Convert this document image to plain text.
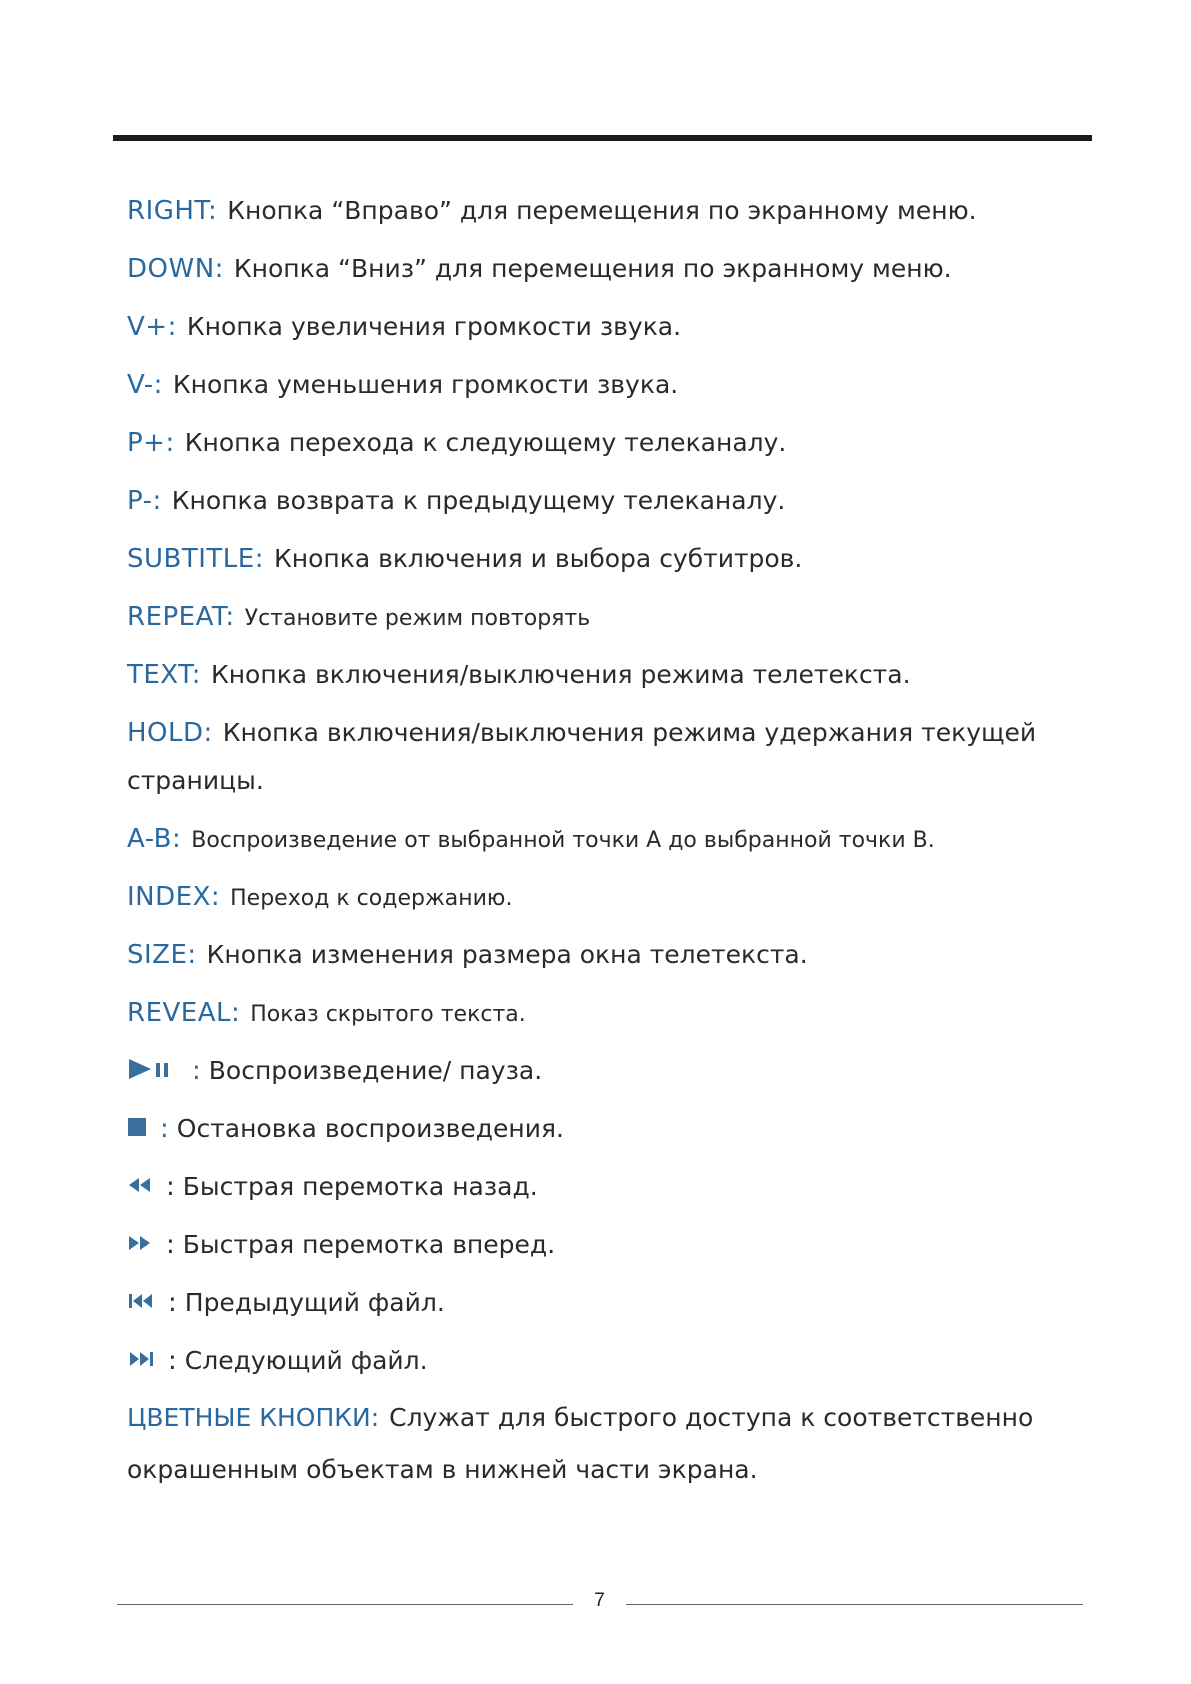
RIGHT: Кнопка “Вправо” для перемещения по экранному меню.
DOWN: Кнопка “Вниз” для перемещения по экранному меню.
V+: Кнопка увеличения громкости звука.
V-: Кнопка уменьшения громкости звука.
P+: Кнопка перехода к следующему телеканалу.
P-: Кнопка возврата к предыдущему телеканалу.
SUBTITLE: Кнопка включения и выбора субтитров.
REPEAT: Установите режим повторять
TEXT: Кнопка включения/выключения режима телетекста.
HOLD: Кнопка включения/выключения режима удержания текущей страницы.
A-B: Воспроизведение от выбранной точки А до выбранной точки В.
INDEX: Переход к содержанию.
SIZE: Кнопка изменения размера окна телетекста.
REVEAL: Показ скрытого текста.
: Воспроизведение/ пауза.
: Остановка воспроизведения.
: Быстрая перемотка назад.
: Быстрая перемотка вперед.
: Предыдущий файл.
: Следующий файл.
ЦВЕТНЫЕ КНОПКИ: Служат для быстрого доступа к соответственно окрашенным объектам в нижней части экрана.
7
